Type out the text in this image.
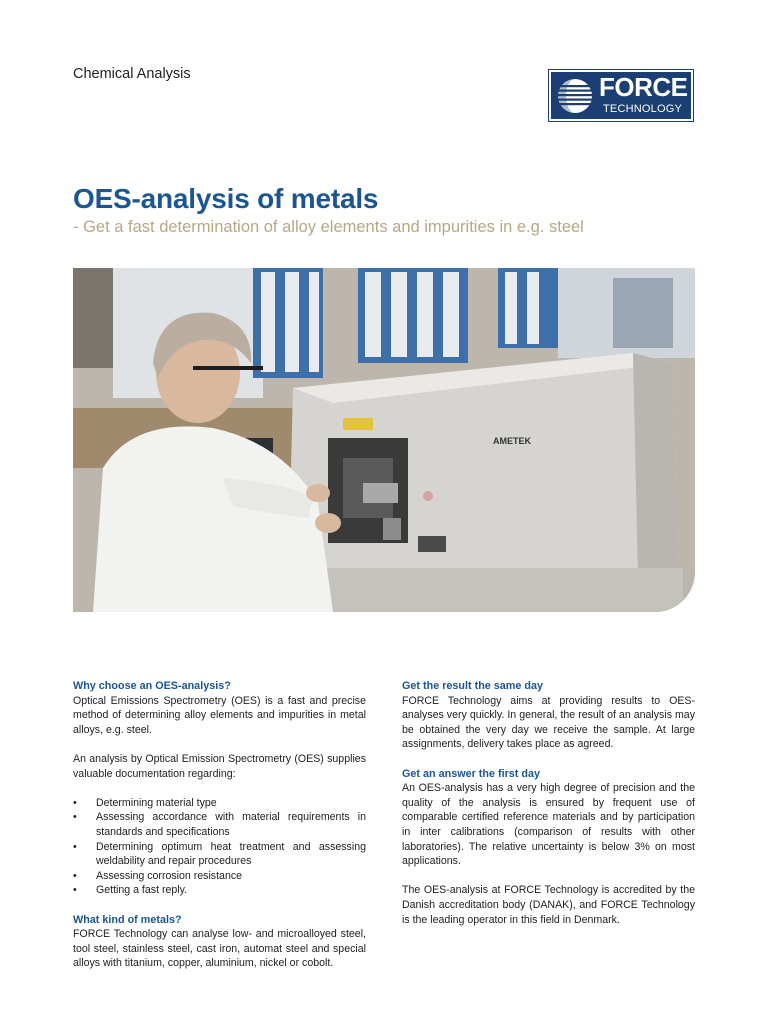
Chemical Analysis	FORCE
TECHNOLOGY
OES-analysis of metals
- Get a fast determination of alloy elements and impurities in e.g. steel
AMETEK
Why choose an OES-analysis?
Optical Emissions Spectrometry (OES) is a fast and precise method of determining alloy elements and impurities in metal alloys, e.g. steel.
An analysis by Optical Emission Spectrometry (OES) supplies valuable documentation regarding:
• Determining material type
• Assessing accordance with material requirements in standards and specifications
• Determining optimum heat treatment and assessing weldability and repair procedures
• Assessing corrosion resistance
• Getting a fast reply.
What kind of metals?
FORCE Technology can analyse low- and microalloyed steel, tool steel, stainless steel, cast iron, automat steel and special alloys with titanium, copper, aluminium, nickel or cobolt.
Get the result the same day
FORCE Technology aims at providing results to OES-analyses very quickly. In general, the result of an analysis may be obtained the very day we receive the sample. At large assignments, delivery takes place as agreed.
Get an answer the first day
An OES-analysis has a very high degree of precision and the quality of the analysis is ensured by frequent use of comparable certified reference materials and by participation in inter calibrations (comparison of results with other laboratories). The relative uncertainty is below 3% on most applications.
The OES-analysis at FORCE Technology is accredited by the Danish accreditation body (DANAK), and FORCE Technology is the leading operator in this field in Denmark.
